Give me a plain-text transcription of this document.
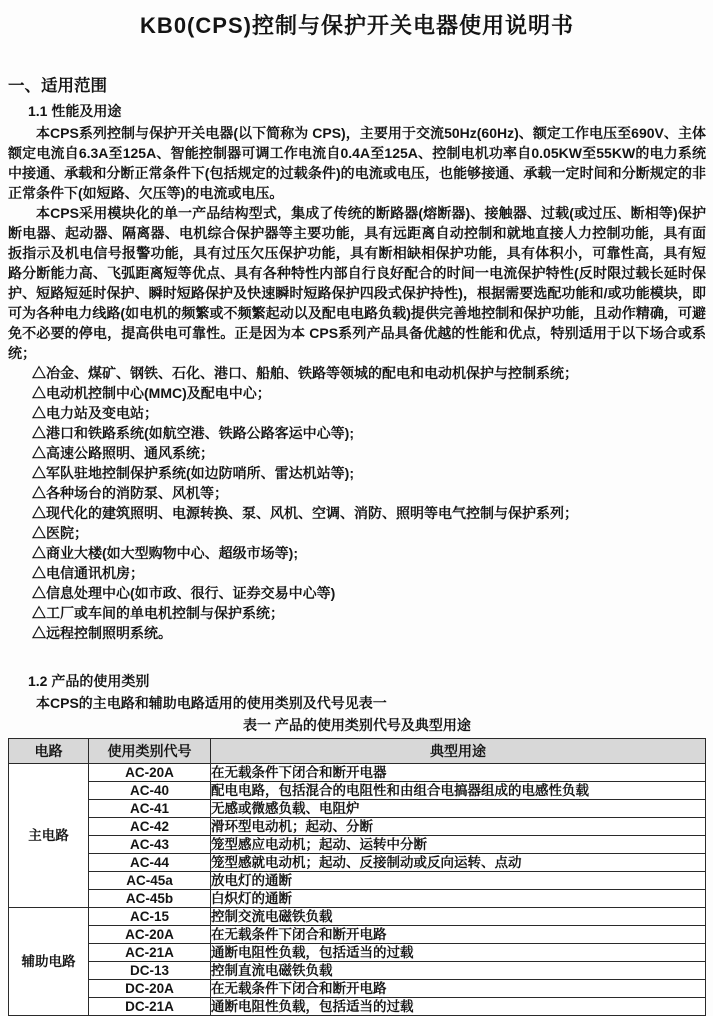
KB0(CPS)控制与保护开关电器使用说明书
一、适用范围
1.1 性能及用途

本CPS系列控制与保护开关电器(以下简称为 CPS)，主要用于交流50Hz(60Hz)、额定工作电压至690V、主体额定电流自6.3A至125A、智能控制器可调工作电流自0.4A至125A、控制电机功率自0.05KW至55KW的电力系统中接通、承载和分断正常条件下(包括规定的过载条件)的电流或电压，也能够接通、承载一定时间和分断规定的非正常条件下(如短路、欠压等)的电流或电压。

本CPS采用模块化的单一产品结构型式，集成了传统的断路器(熔断器)、接触器、过载(或过压、断相等)保护断电器、起动器、隔离器、电机综合保护器等主要功能，具有远距离自动控制和就地直接人力控制功能，具有面扳指示及机电信号报警功能，具有过压欠压保护功能，具有断相缺相保护功能，具有体积小，可靠性高，具有短路分断能力高、飞弧距离短等优点、具有各种特性内部自行良好配合的时间一电流保护特性(反时限过载长延时保护、短路短延时保护、瞬时短路保护及快速瞬时短路保护四段式保护持性)，根据需要选配功能和/或功能模块，即可为各种电力线路(如电机的频繁或不频繁起动以及配电电路负载)提供完善地控制和保护功能，且动作精确，可避免不必要的停电，提高供电可靠性。正是因为本 CPS系列产品具备优越的性能和优点，特别适用于以下场合或系统；

△冶金、煤矿、钢铁、石化、港口、船舶、铁路等领城的配电和电动机保护与控制系统；
△电动机控制中心(MMC)及配电中心；
△电力站及变电站；
△港口和铁路系统(如航空港、铁路公路客运中心等);
△高速公路照明、通风系统；
△军队驻地控制保护系统(如边防哨所、雷达机站等);
△各种场台的消防泵、风机等；
△现代化的建筑照明、电源转换、泵、风机、空调、消防、照明等电气控制与保护系列；
△医院；
△商业大楼(如大型购物中心、超级市场等);
△电信通讯机房；
△信息处理中心(如市政、很行、证券交易中心等)
△工厂或车间的单电机控制与保护系统；
△远程控制照明系统。
1.2 产品的使用类别
本CPS的主电路和辅助电路适用的使用类别及代号见表一
表一 产品的使用类别代号及典型用途
电路	使用类别代号	典型用途
主电路	AC-20A	在无载条件下闭合和断开电器
	AC-40	配电电路，包括混合的电阻性和由组合电搞器组成的电感性负载
	AC-41	无感或微感负载、电阻炉
	AC-42	滑环型电动机；起动、分断
	AC-43	笼型感应电动机；起动、运转中分断
	AC-44	笼型感就电动机；起动、反接制动或反向运转、点动
	AC-45a	放电灯的通断
	AC-45b	白炽灯的通断
辅助电路	AC-15	控制交流电磁铁负载
	AC-20A	在无载条件下闭合和断开电路
	AC-21A	通断电阻性负载，包括适当的过载
	DC-13	控制直流电磁铁负载
	DC-20A	在无载条件下闭合和断开电路
	DC-21A	通断电阻性负载，包括适当的过载
